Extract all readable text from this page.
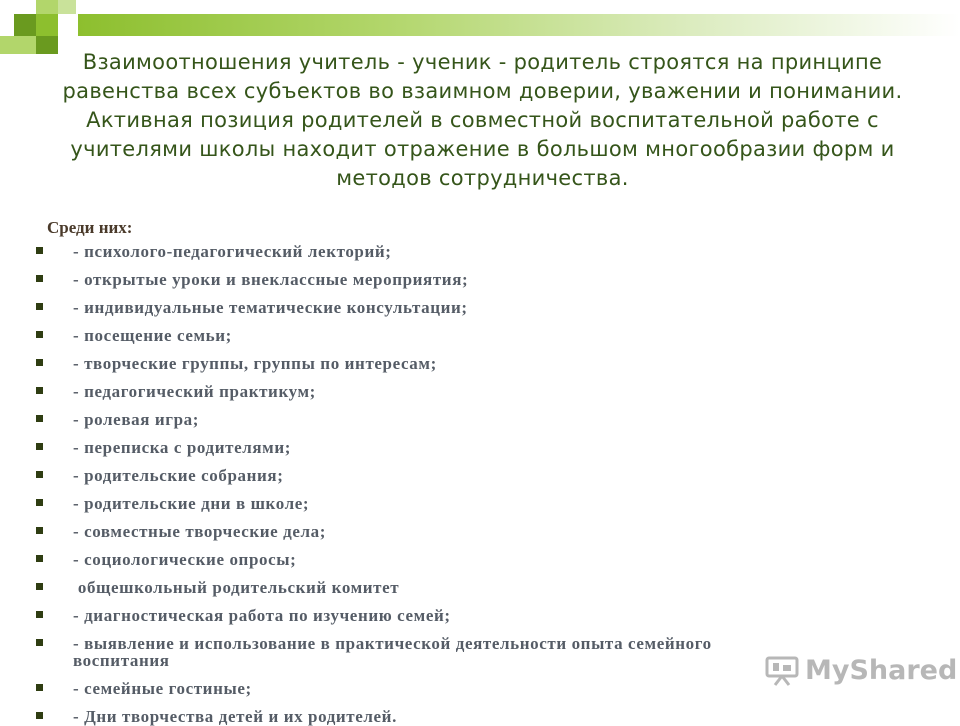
Взаимоотношения учитель - ученик - родитель строятся на принципе равенства всех субъектов во взаимном доверии, уважении и понимании. Активная позиция родителей в совместной воспитательной работе с учителями школы находит отражение в большом многообразии форм и методов сотрудничества.

Среди них:

- психолого-педагогический лекторий;
- открытые уроки и внеклассные мероприятия;
- индивидуальные тематические консультации;
- посещение семьи;
- творческие группы, группы по интересам;
- педагогический практикум;
- ролевая игра;
- переписка с родителями;
- родительские собрания;
- родительские дни в школе;
- совместные творческие дела;
- социологические опросы;
общешкольный родительский комитет
- диагностическая работа по изучению семей;
- выявление и использование в практической деятельности опыта семейного воспитания
- семейные гостиные;
- Дни творчества детей и их родителей.
MyShared
